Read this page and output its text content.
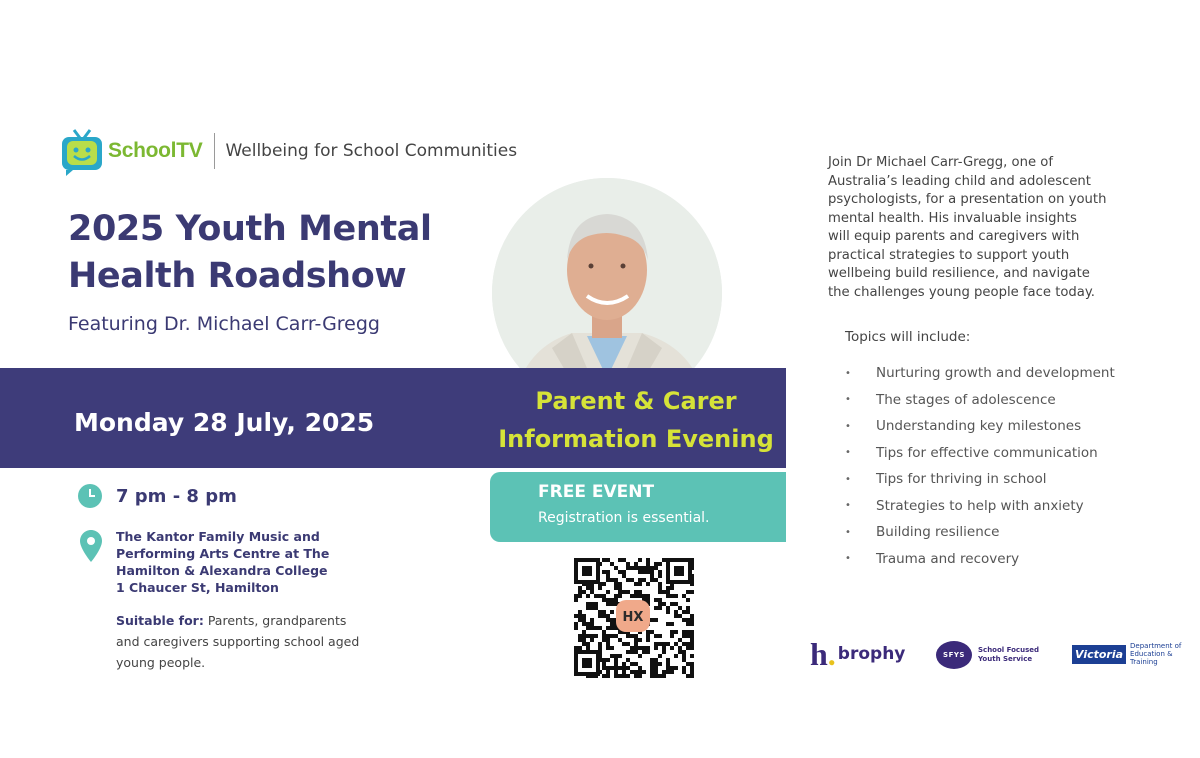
SchoolTV Wellbeing for School Communities
2025 Youth Mental
Health Roadshow
Featuring Dr. Michael Carr-Gregg
Monday 28 July, 2025
Parent & Carer
Information Evening
FREE EVENT
Registration is essential.
HX
7 pm - 8 pm
The Kantor Family Music and
Performing Arts Centre at The
Hamilton & Alexandra College
1 Chaucer St, Hamilton
Suitable for: Parents, grandparents and caregivers supporting school aged young people.
Join Dr Michael Carr-Gregg, one of
Australia’s leading child and adolescent
psychologists, for a presentation on youth
mental health. His invaluable insights
will equip parents and caregivers with
practical strategies to support youth
wellbeing build resilience, and navigate
the challenges young people face today.
Topics will include:
•	Nurturing growth and development
•	The stages of adolescence
•	Understanding key milestones
•	Tips for effective communication
•	Tips for thriving in school
•	Strategies to help with anxiety
•	Building resilience
•	Trauma and recovery
h. brophy	SFYS
School Focused
Youth Service	Victoria
Department of
Education & Training
